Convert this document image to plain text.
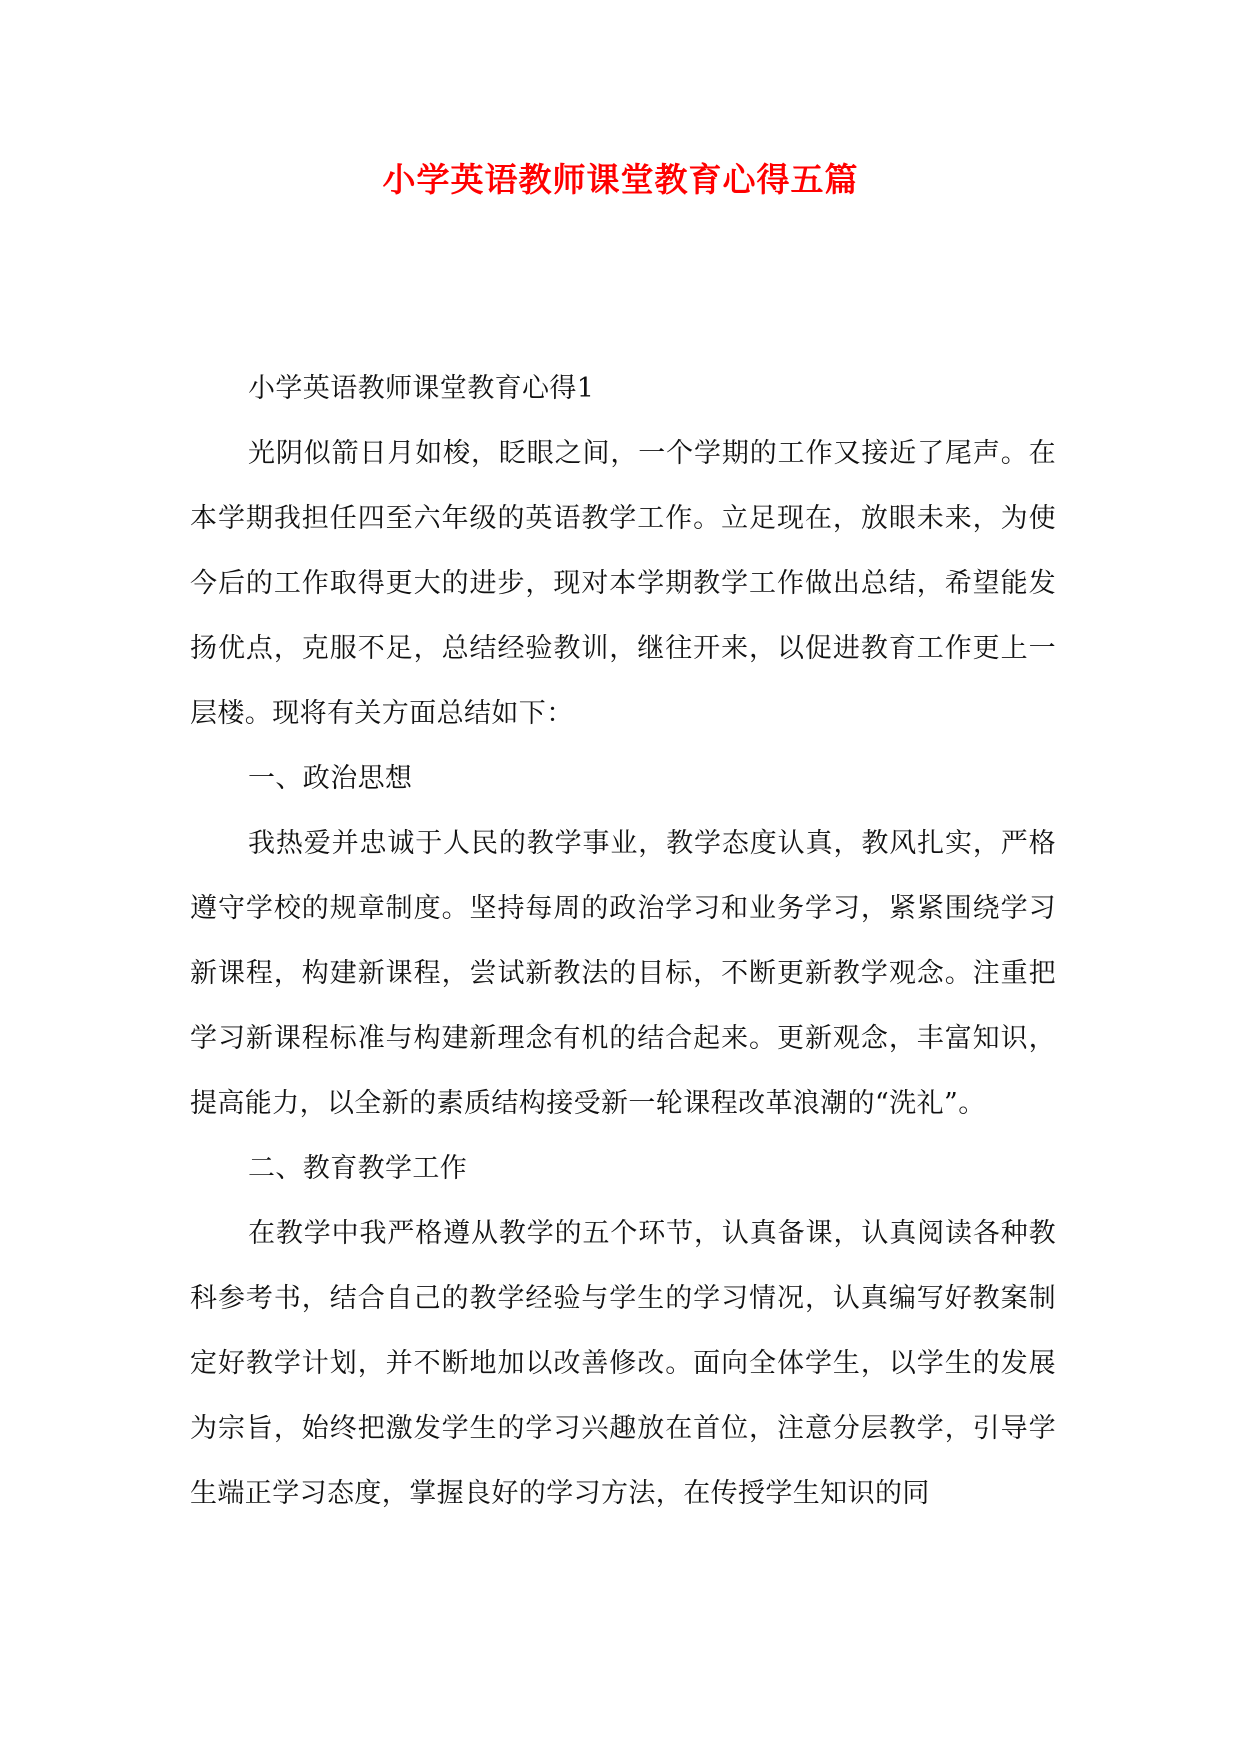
小学英语教师课堂教育心得五篇

小学英语教师课堂教育心得1

光阴似箭日月如梭，眨眼之间，一个学期的工作又接近了尾声。在本学期我担任四至六年级的英语教学工作。立足现在，放眼未来，为使今后的工作取得更大的进步，现对本学期教学工作做出总结，希望能发扬优点，克服不足，总结经验教训，继往开来，以促进教育工作更上一层楼。现将有关方面总结如下：

一、政治思想

我热爱并忠诚于人民的教学事业，教学态度认真，教风扎实，严格遵守学校的规章制度。坚持每周的政治学习和业务学习，紧紧围绕学习新课程，构建新课程，尝试新教法的目标，不断更新教学观念。注重把学习新课程标准与构建新理念有机的结合起来。更新观念，丰富知识，提高能力，以全新的素质结构接受新一轮课程改革浪潮的“洗礼”。

二、教育教学工作

在教学中我严格遵从教学的五个环节，认真备课，认真阅读各种教科参考书，结合自己的教学经验与学生的学习情况，认真编写好教案制定好教学计划，并不断地加以改善修改。面向全体学生，以学生的发展为宗旨，始终把激发学生的学习兴趣放在首位，注意分层教学，引导学生端正学习态度，掌握良好的学习方法，在传授学生知识的同
